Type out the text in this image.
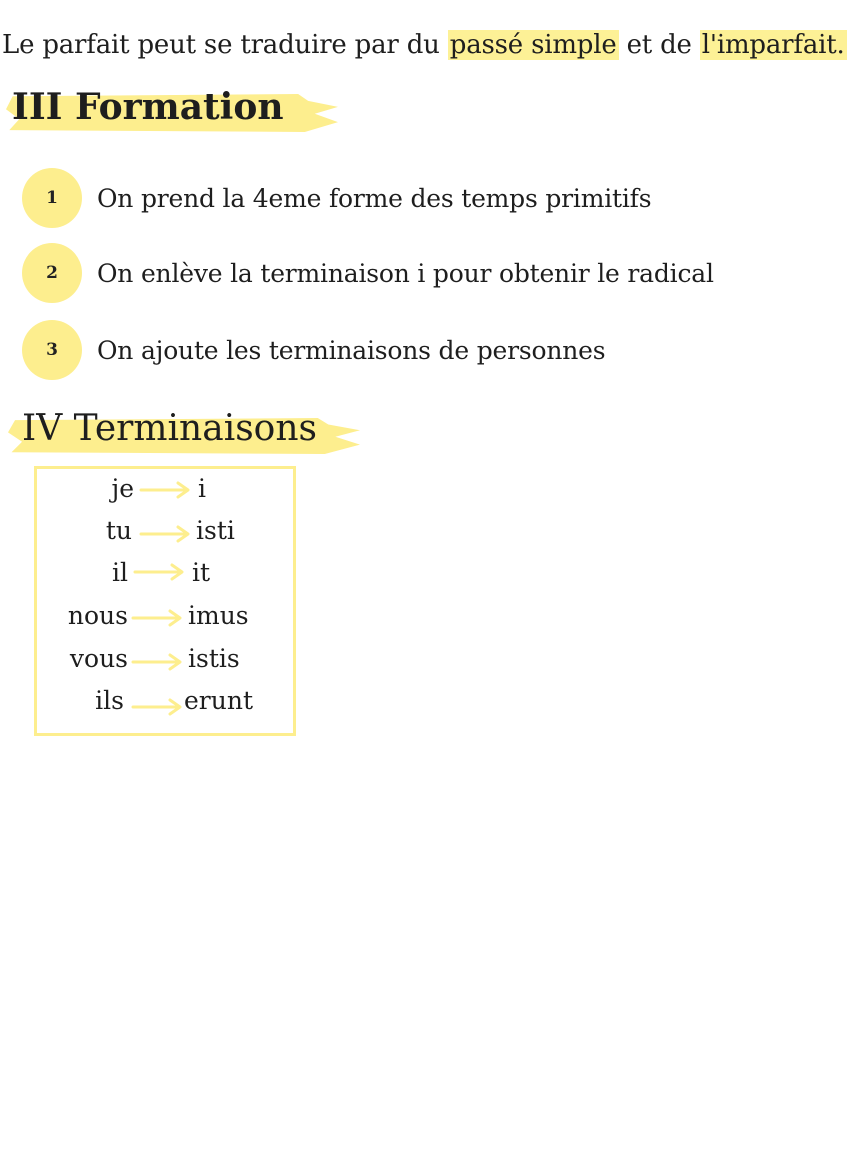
Le parfait peut se traduire par du passé simple et de l'imparfait.
III Formation
1	On prend la 4eme forme des temps primitifs
2	On enlève la terminaison i pour obtenir le radical
3	On ajoute les terminaisons de personnes
IV Terminaisons
je	i
tu	isti
il	it
nous imus
vous istis
ils erunt
